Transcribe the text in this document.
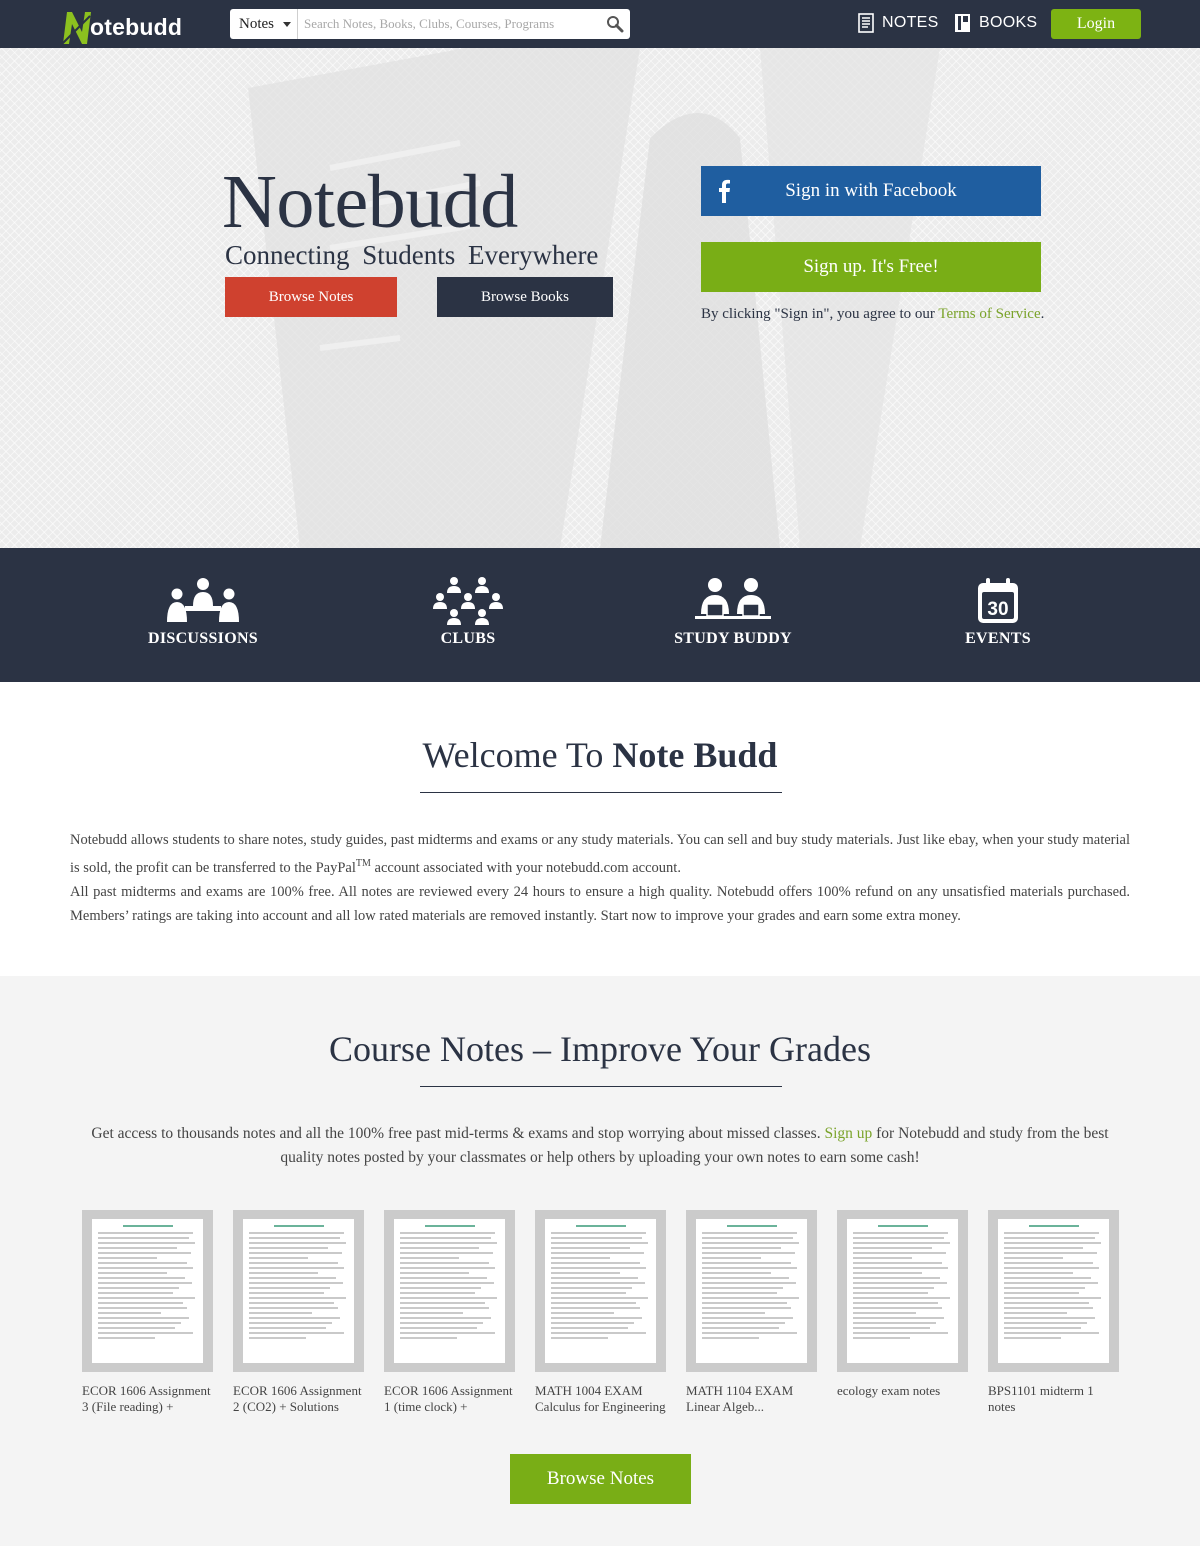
otebudd	Notes
Search Notes, Books, Clubs, Courses, Programs	NOTES	BOOKS	Login
Notebudd
Connecting Students Everywhere
Browse Notes	Browse Books
Sign in with Facebook
Sign up. It's Free!
By clicking "Sign in", you agree to our Terms of Service.
DISCUSSIONS	CLUBS	STUDY BUDDY
30
EVENTS
Welcome To Note Budd

Notebudd allows students to share notes, study guides, past midterms and exams or any study materials. You can sell and buy study materials. Just like ebay, when your study material is sold, the profit can be transferred to the PayPal™ account associated with your notebudd.com account.

All past midterms and exams are 100% free. All notes are reviewed every 24 hours to ensure a high quality. Notebudd offers 100% refund on any unsatisfied materials purchased. Members’ ratings are taking into account and all low rated materials are removed instantly. Start now to improve your grades and earn some extra money.

Course Notes – Improve Your Grades
Get access to thousands notes and all the 100% free past mid-terms & exams and stop worrying about missed classes. Sign up for Notebudd and study from the best quality notes posted by your classmates or help others by uploading your own notes to earn some cash!
ECOR 1606 Assignment
3 (File reading) +
ECOR 1606 Assignment
2 (CO2) + Solutions
ECOR 1606 Assignment
1 (time clock) +
MATH 1004 EXAM
Calculus for Engineering
MATH 1104 EXAM
Linear Algeb...
ecology exam notes	BPS1101 midterm 1
notes
Browse Notes
